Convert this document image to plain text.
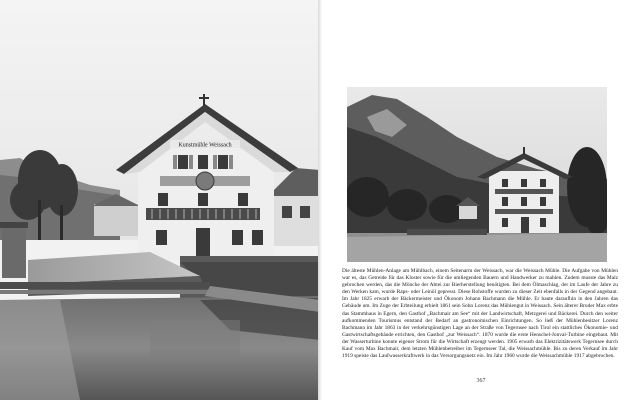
Kunstmühle Weissach

Die älteste Mühlen-Anlage am Mühlbach, einem Seitenarm der Weissach, war die Weissach Mühle. Die Aufgabe von Mühlen war es, das Getreide für das Kloster sowie für die umliegenden Bauern und Handwerker zu mahlen. Zudem musste das Malz gebrochen werden, das die Mönche der Abtei zur Bierherstellung benötigten. Bei dem Ölmaschlag, der im Laufe der Jahre zu den Werken kam, wurde Raps- oder Leinöl gepresst. Diese Rohstoffe wurden zu dieser Zeit ebenfalls in der Gegend angebaut. Im Jahr 1825 erwarb der Bäckermeister und Ökonom Johann Bachmann die Mühle. Er baute daraufhin in den Jahren das Gebäude um. Im Zuge der Erbteilung erhielt 1861 sein Sohn Lorenz das Mühlengut in Weissach. Sein älterer Bruder Max erbte das Stammhaus in Egern, den Gasthof „Bachmair am See“ mit der Landwirtschaft, Metzgerei und Bäckerei. Durch den weiter aufkommenden Tourismus entstand der Bedarf an gastronomischen Einrichtungen. So ließ der Mühlenbesitzer Lorenz Bachmann im Jahr 1863 in der verkehrsgünstigen Lage an der Straße von Tegernsee nach Tirol ein stattliches Ökonomie- und Gastwirtschaftsgebäude errichten, den Gasthof „zur Weissach“. 1870 wurde die erste Henschel-Jonval-Turbine eingebaut. Mit der Wasserturbine konnte eigener Strom für die Wirtschaft erzeugt werden. 1905 erwarb das Elektrizitätswerk Tegernsee durch Kauf vom Max Bachmair, dem letzten Mühlenbetreiber im Tegernseer Tal, die Weissachmühle. Bis zu deren Verkauf im Jahr 1919 speiste das Laufwasserkraftwerk in das Versorgungsnetz ein. Im Jahr 1960 wurde die Weissachmühle 1917 abgebrochen.

367
